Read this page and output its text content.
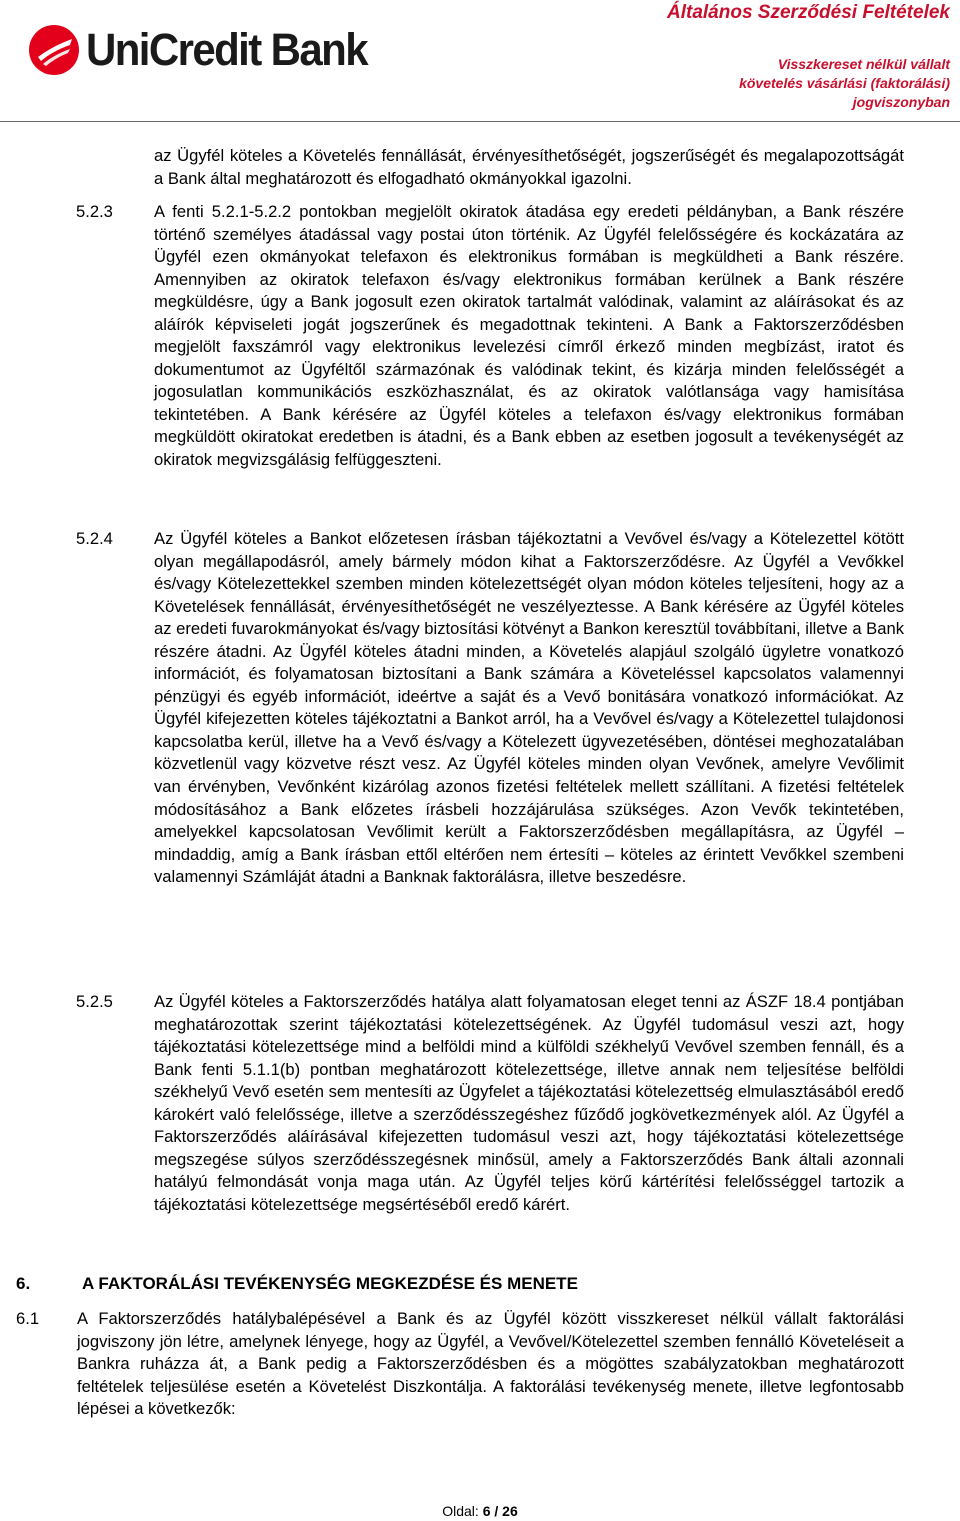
UniCredit Bank
Általános Szerződési Feltételek
Visszkereset nélkül vállalt
követelés vásárlási (faktorálási)
jogviszonyban

az Ügyfél köteles a Követelés fennállását, érvényesíthetőségét, jogszerűségét és megalapozottságát a Bank által meghatározott és elfogadható okmányokkal igazolni.

5.2.3 A fenti 5.2.1-5.2.2 pontokban megjelölt okiratok átadása egy eredeti példányban, a Bank részére történő személyes átadással vagy postai úton történik. Az Ügyfél felelősségére és kockázatára az Ügyfél ezen okmányokat telefaxon és elektronikus formában is megküldheti a Bank részére. Amennyiben az okiratok telefaxon és/vagy elektronikus formában kerülnek a Bank részére megküldésre, úgy a Bank jogosult ezen okiratok tartalmát valódinak, valamint az aláírásokat és az aláírók képviseleti jogát jogszerűnek és megadottnak tekinteni. A Bank a Faktorszerződésben megjelölt faxszámról vagy elektronikus levelezési címről érkező minden megbízást, iratot és dokumentumot az Ügyféltől származónak és valódinak tekint, és kizárja minden felelősségét a jogosulatlan kommunikációs eszközhasználat, és az okiratok valótlansága vagy hamisítása tekintetében. A Bank kérésére az Ügyfél köteles a telefaxon és/vagy elektronikus formában megküldött okiratokat eredetben is átadni, és a Bank ebben az esetben jogosult a tevékenységét az okiratok megvizsgálásig felfüggeszteni.

5.2.4 Az Ügyfél köteles a Bankot előzetesen írásban tájékoztatni a Vevővel és/vagy a Kötelezettel kötött olyan megállapodásról, amely bármely módon kihat a Faktorszerződésre. Az Ügyfél a Vevőkkel és/vagy Kötelezettekkel szemben minden kötelezettségét olyan módon köteles teljesíteni, hogy az a Követelések fennállását, érvényesíthetőségét ne veszélyeztesse. A Bank kérésére az Ügyfél köteles az eredeti fuvarokmányokat és/vagy biztosítási kötvényt a Bankon keresztül továbbítani, illetve a Bank részére átadni. Az Ügyfél köteles átadni minden, a Követelés alapjául szolgáló ügyletre vonatkozó információt, és folyamatosan biztosítani a Bank számára a Követeléssel kapcsolatos valamennyi pénzügyi és egyéb információt, ideértve a saját és a Vevő bonitására vonatkozó információkat. Az Ügyfél kifejezetten köteles tájékoztatni a Bankot arról, ha a Vevővel és/vagy a Kötelezettel tulajdonosi kapcsolatba kerül, illetve ha a Vevő és/vagy a Kötelezett ügyvezetésében, döntései meghozatalában közvetlenül vagy közvetve részt vesz. Az Ügyfél köteles minden olyan Vevőnek, amelyre Vevőlimit van érvényben, Vevőnként kizárólag azonos fizetési feltételek mellett szállítani. A fizetési feltételek módosításához a Bank előzetes írásbeli hozzájárulása szükséges. Azon Vevők tekintetében, amelyekkel kapcsolatosan Vevőlimit került a Faktorszerződésben megállapításra, az Ügyfél – mindaddig, amíg a Bank írásban ettől eltérően nem értesíti – köteles az érintett Vevőkkel szembeni valamennyi Számláját átadni a Banknak faktorálásra, illetve beszedésre.

5.2.5 Az Ügyfél köteles a Faktorszerződés hatálya alatt folyamatosan eleget tenni az ÁSZF 18.4 pontjában meghatározottak szerint tájékoztatási kötelezettségének. Az Ügyfél tudomásul veszi azt, hogy tájékoztatási kötelezettsége mind a belföldi mind a külföldi székhelyű Vevővel szemben fennáll, és a Bank fenti 5.1.1(b) pontban meghatározott kötelezettsége, illetve annak nem teljesítése belföldi székhelyű Vevő esetén sem mentesíti az Ügyfelet a tájékoztatási kötelezettség elmulasztásából eredő károkért való felelőssége, illetve a szerződésszegéshez fűződő jogkövetkezmények alól. Az Ügyfél a Faktorszerződés aláírásával kifejezetten tudomásul veszi azt, hogy tájékoztatási kötelezettsége megszegése súlyos szerződésszegésnek minősül, amely a Faktorszerződés Bank általi azonnali hatályú felmondását vonja maga után. Az Ügyfél teljes körű kártérítési felelősséggel tartozik a tájékoztatási kötelezettsége megsértéséből eredő kárért.

6.	A FAKTORÁLÁSI TEVÉKENYSÉG MEGKEZDÉSE ÉS MENETE
6.1 A Faktorszerződés hatálybalépésével a Bank és az Ügyfél között visszkereset nélkül vállalt faktorálási jogviszony jön létre, amelynek lényege, hogy az Ügyfél, a Vevővel/Kötelezettel szemben fennálló Követeléseit a Bankra ruházza át, a Bank pedig a Faktorszerződésben és a mögöttes szabályzatokban meghatározott feltételek teljesülése esetén a Követelést Diszkontálja. A faktorálási tevékenység menete, illetve legfontosabb lépései a következők:

Oldal: 6 / 26
